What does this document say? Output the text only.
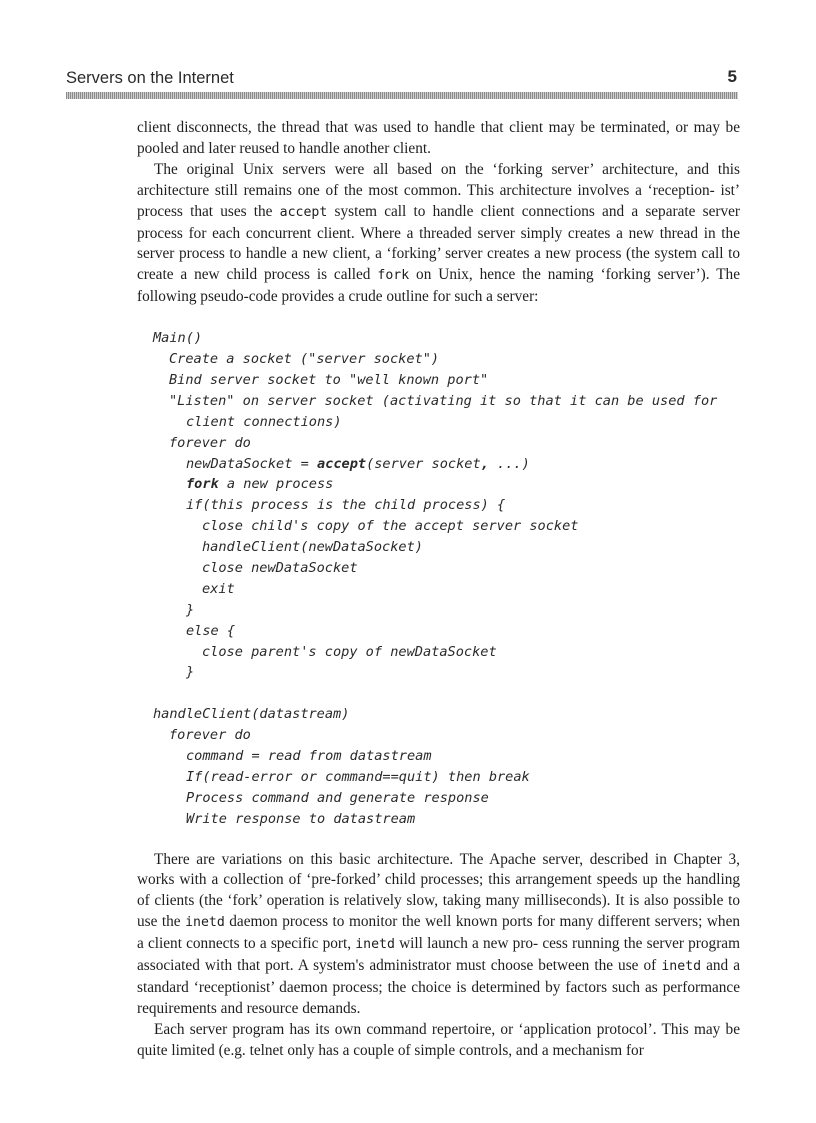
Servers on the Internet	5

client disconnects, the thread that was used to handle that client may be terminated, or may be pooled and later reused to handle another client.

The original Unix servers were all based on the ‘forking server’ architecture, and this architecture still remains one of the most common. This architecture involves a ‘reception- ist’ process that uses the accept system call to handle client connections and a separate server process for each concurrent client. Where a threaded server simply creates a new thread in the server process to handle a new client, a ‘forking’ server creates a new process (the system call to create a new child process is called fork on Unix, hence the naming ‘forking server’). The following pseudo-code provides a crude outline for such a server:

Main()
Create a socket ("server socket")
Bind server socket to "well known port"
"Listen" on server socket (activating it so that it can be used for
client connections)
forever do
newDataSocket = accept(server socket, ...)
fork a new process
if(this process is the child process) {
close child's copy of the accept server socket
handleClient(newDataSocket)
close newDataSocket
exit
}
else {
close parent's copy of newDataSocket
}
handleClient(datastream)
forever do
command = read from datastream
If(read-error or command==quit) then break
Process command and generate response
Write response to datastream

There are variations on this basic architecture. The Apache server, described in Chapter 3, works with a collection of ‘pre-forked’ child processes; this arrangement speeds up the handling of clients (the ‘fork’ operation is relatively slow, taking many milliseconds). It is also possible to use the inetd daemon process to monitor the well known ports for many different servers; when a client connects to a specific port, inetd will launch a new pro- cess running the server program associated with that port. A system's administrator must choose between the use of inetd and a standard ‘receptionist’ daemon process; the choice is determined by factors such as performance requirements and resource demands.

Each server program has its own command repertoire, or ‘application protocol’. This may be quite limited (e.g. telnet only has a couple of simple controls, and a mechanism for
